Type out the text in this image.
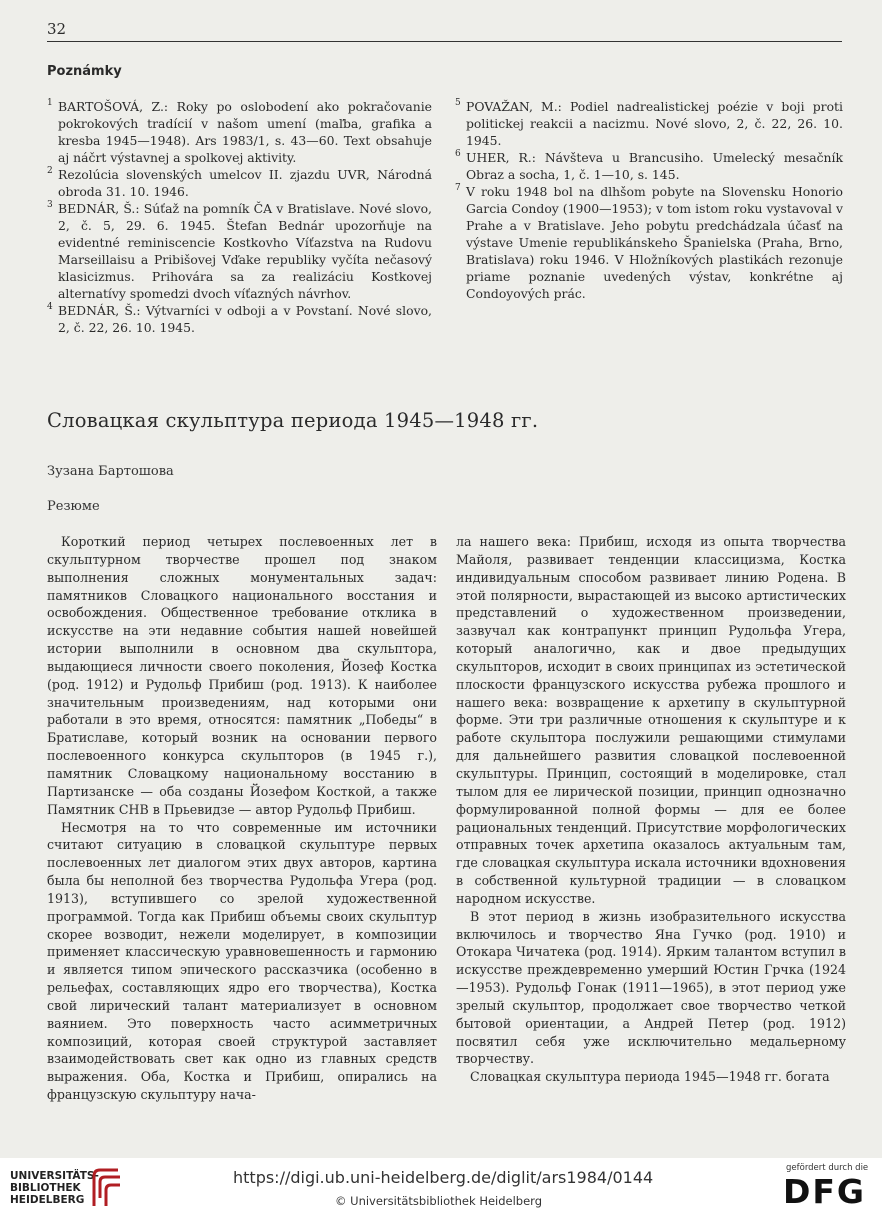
32
Poznámky

1 BARTOŠOVÁ, Z.: Roky po oslobodení ako pokračovanie pokrokových tradícií v našom umení (maľba, grafika a kresba 1945—1948). Ars 1983/1, s. 43—60. Text obsahuje aj náčrt výstavnej a spolkovej aktivity.

2 Rezolúcia slovenských umelcov II. zjazdu UVR, Národná obroda 31. 10. 1946.

3 BEDNÁR, Š.: Súťaž na pomník ČA v Bratislave. Nové slovo, 2, č. 5, 29. 6. 1945. Štefan Bednár upozorňuje na evidentné reminiscencie Kostkovho Víťazstva na Rudovu Marseillaisu a Pribišovej Vďake republiky vyčíta nečasový klasicizmus. Prihovára sa za realizáciu Kostkovej alternatívy spomedzi dvoch víťazných návrhov.

4 BEDNÁR, Š.: Výtvarníci v odboji a v Povstaní. Nové slovo, 2, č. 22, 26. 10. 1945.

5 POVAŽAN, M.: Podiel nadrealistickej poézie v boji proti politickej reakcii a nacizmu. Nové slovo, 2, č. 22, 26. 10. 1945.

6 UHER, R.: Návšteva u Brancusiho. Umelecký mesačník Obraz a socha, 1, č. 1—10, s. 145.

7 V roku 1948 bol na dlhšom pobyte na Slovensku Honorio Garcia Condoy (1900—1953); v tom istom roku vystavoval v Prahe a v Bratislave. Jeho pobytu predchádzala účasť na výstave Umenie republikánskeho Španielska (Praha, Brno, Bratislava) roku 1946. V Hložníkových plastikách rezonuje priame poznanie uvedených výstav, konkrétne aj Condoyových prác.

Словацкая скульптура периода 1945—1948 гг.
Зузана Бартошова
Резюме

Короткий период четырех послевоенных лет в скульптурном творчестве прошел под знаком выполнения сложных монументальных задач: памятников Словацкого национального восстания и освобождения. Общественное требование отклика в искусстве на эти недавние события нашей новейшей истории выполнили в основном два скульптора, выдающиеся личности своего поколения, Йозеф Костка (род. 1912) и Рудольф Прибиш (род. 1913). К наиболее значительным произведениям, над которыми они работали в это время, относятся: памятник „Победы“ в Братиславе, который возник на основании первого послевоенного конкурса скульпторов (в 1945 г.), памятник Словацкому национальному восстанию в Партизанске — оба созданы Йозефом Косткой, а также Памятник СНВ в Прьевидзе — автор Рудольф Прибиш.

Несмотря на то что современные им источники считают ситуацию в словацкой скульптуре первых послевоенных лет диалогом этих двух авторов, картина была бы неполной без творчества Рудольфа Угера (род. 1913), вступившего со зрелой художественной программой. Тогда как Прибиш объемы своих скульптур скорее возводит, нежели моделирует, в композиции применяет классическую уравновешенность и гармонию и является типом эпического рассказчика (особенно в рельефах, составляющих ядро его творчества), Костка свой лирический талант материализует в основном ваянием. Это поверхность часто асимметричных композиций, которая своей структурой заставляет взаимодействовать свет как одно из главных средств выражения. Оба, Костка и Прибиш, опирались на французскую скульптуру нача-

ла нашего века: Прибиш, исходя из опыта творчества Майоля, развивает тенденции классицизма, Костка индивидуальным способом развивает линию Родена. В этой полярности, вырастающей из высоко артистических представлений о художественном произведении, зазвучал как контрапункт принцип Рудольфа Угера, который аналогично, как и двое предыдущих скульпторов, исходит в своих принципах из эстетической плоскости французского искусства рубежа прошлого и нашего века: возвращение к архетипу в скульптурной форме. Эти три различные отношения к скульптуре и к работе скульптора послужили решающими стимулами для дальнейшего развития словацкой послевоенной скульптуры. Принцип, состоящий в моделировке, стал тылом для ее лирической позиции, принцип однозначно формулированной полной формы — для ее более рациональных тенденций. Присутствие морфологических отправных точек архетипа оказалось актуальным там, где словацкая скульптура искала источники вдохновения в собственной культурной традиции — в словацком народном искусстве.

В этот период в жизнь изобразительного искусства включилось и творчество Яна Гучко (род. 1910) и Отокара Чичатека (род. 1914). Ярким талантом вступил в искусстве преждевременно умерший Юстин Грчка (1924—1953). Рудольф Гонак (1911—1965), в этот период уже зрелый скульптор, продолжает свое творчество четкой бытовой ориентации, а Андрей Петер (род. 1912) посвятил себя уже исключительно медальерному творчеству.

Словацкая скульптура периода 1945—1948 гг. богата

UNIVERSITÄTS-
BIBLIOTHEK
HEIDELBERG
https://digi.ub.uni-heidelberg.de/diglit/ars1984/0144
© Universitätsbibliothek Heidelberg
gefördert durch die
DFG
